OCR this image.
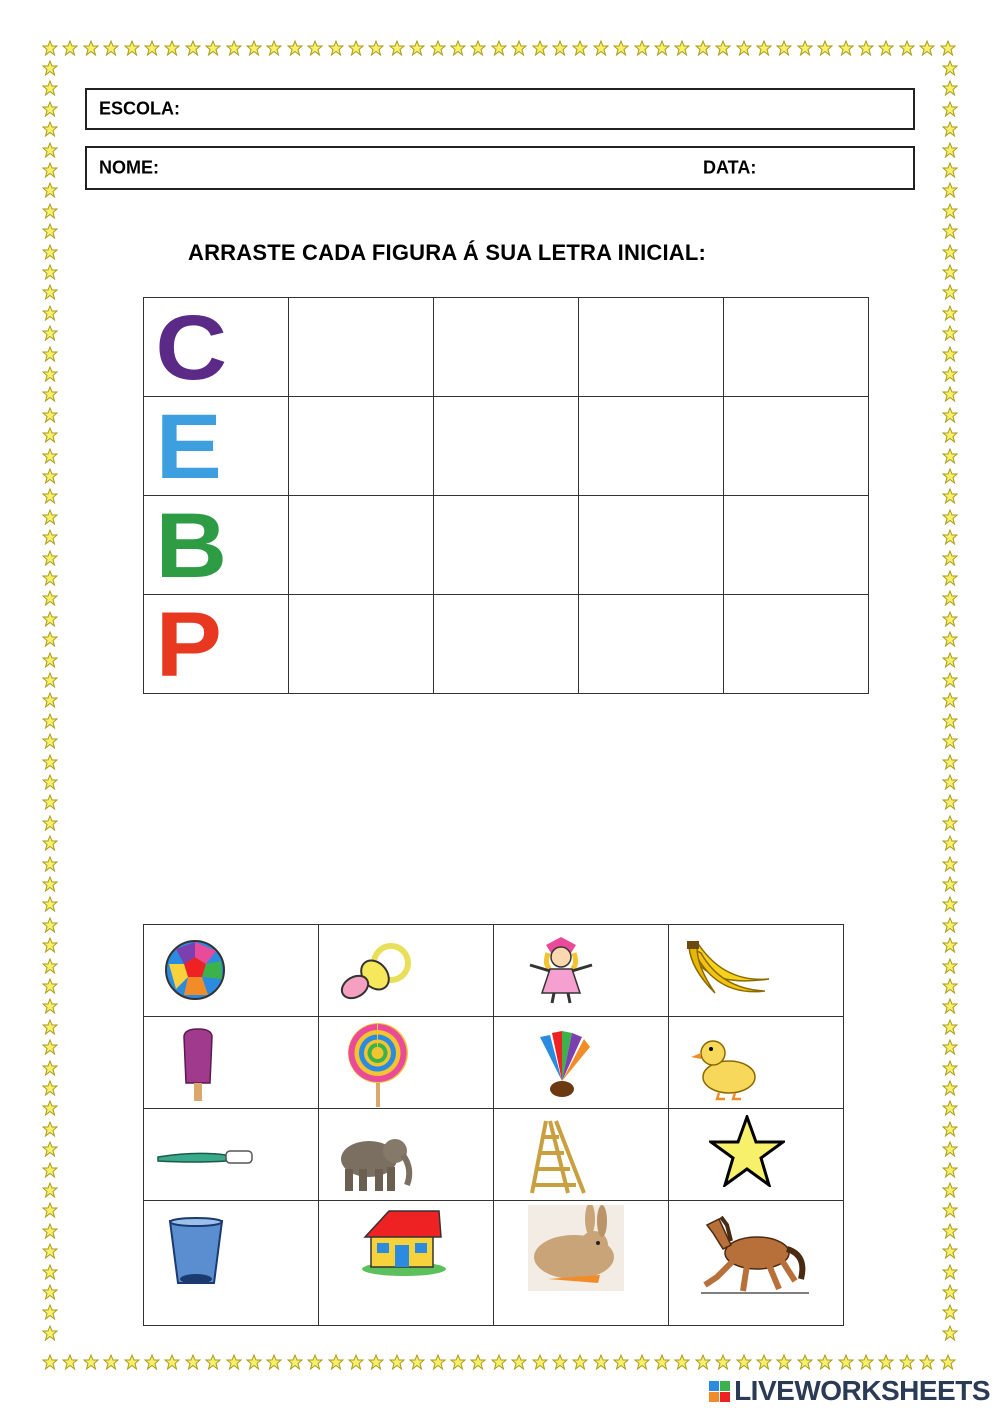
ESCOLA:
NOME:	DATA:
ARRASTE CADA FIGURA Á SUA LETRA INICIAL:
C				

E				

B				

P				

LIVEWORKSHEETS
